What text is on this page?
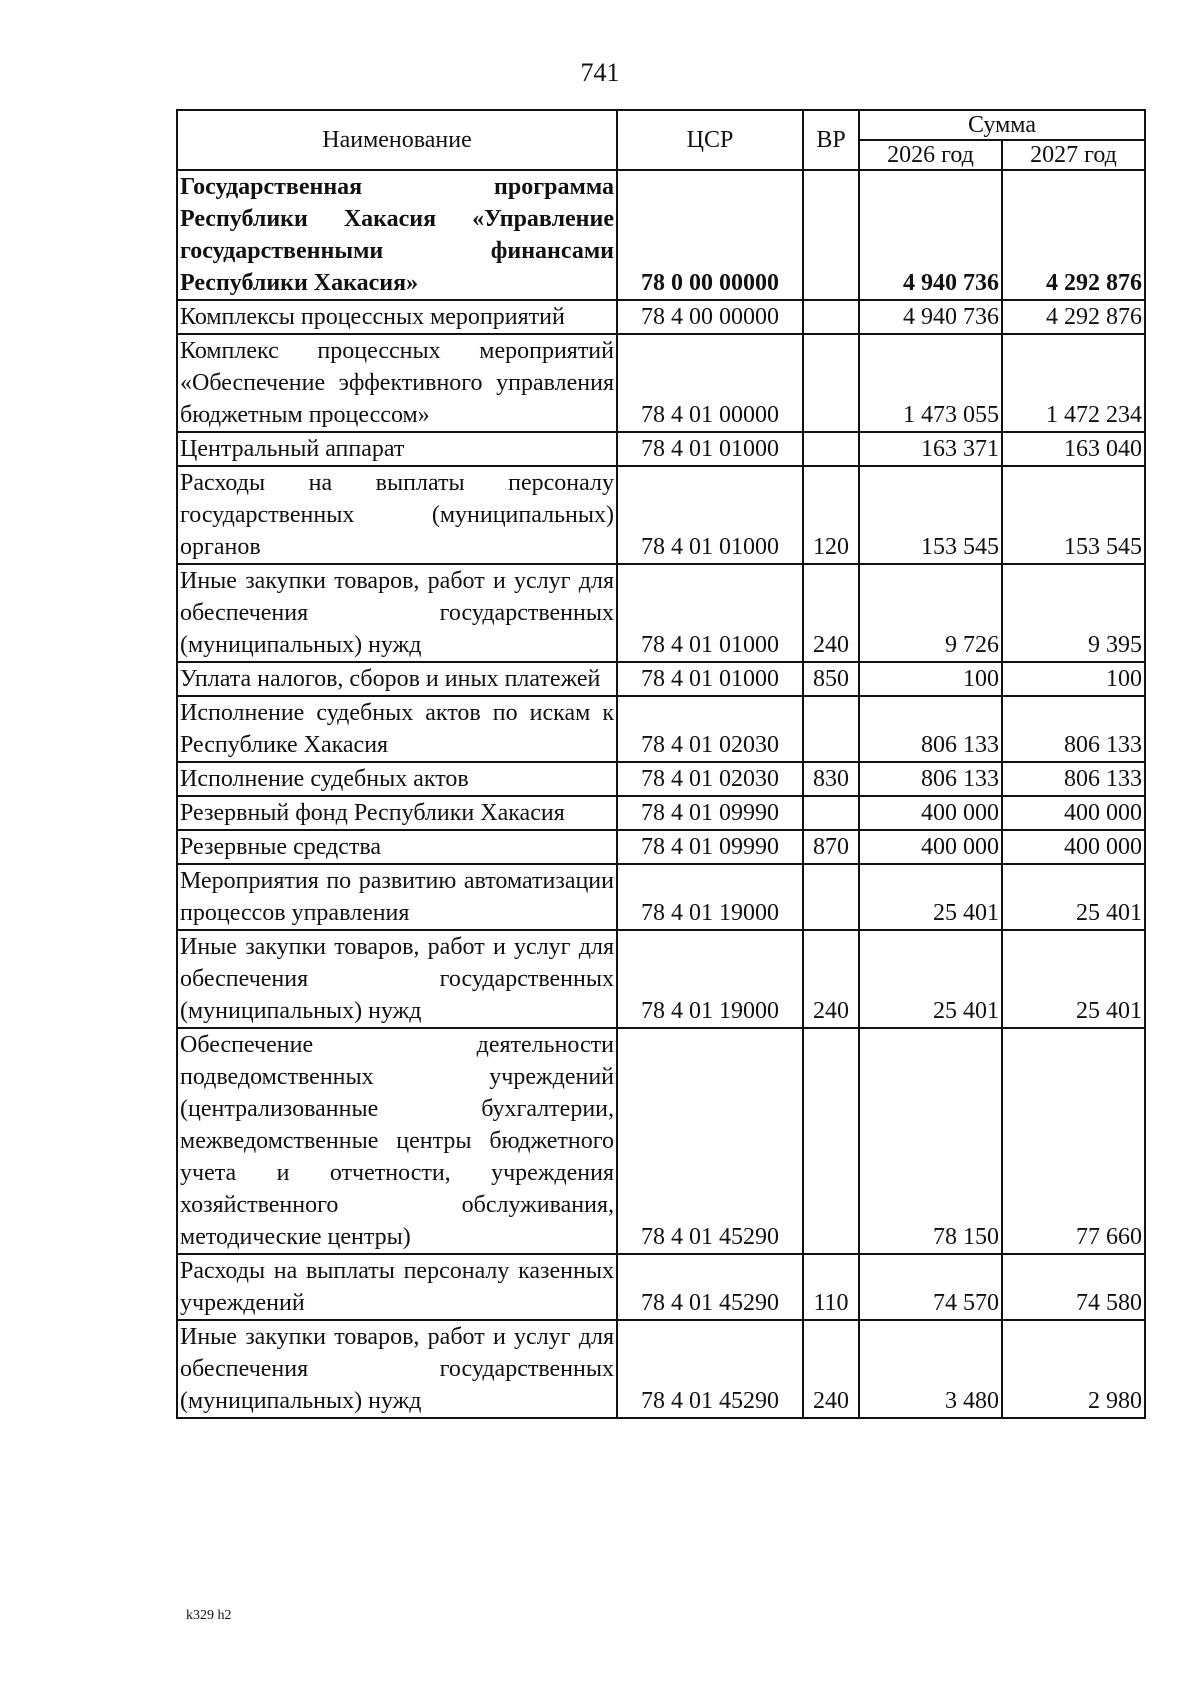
741
Наименование	ЦСР	ВР	Сумма	
			2026 год	2027 год
Государственная программа Республики Хакасия «Управление государственными финансами Республики Хакасия»	78 0 00 00000		4 940 736	4 292 876
Комплексы процессных мероприятий	78 4 00 00000		4 940 736	4 292 876
Комплекс процессных мероприятий «Обеспечение эффективного управления бюджетным процессом»	78 4 01 00000		1 473 055	1 472 234
Центральный аппарат	78 4 01 01000		163 371	163 040
Расходы на выплаты персоналу государственных (муниципальных) органов	78 4 01 01000	120	153 545	153 545
Иные закупки товаров, работ и услуг для обеспечения государственных (муниципальных) нужд	78 4 01 01000	240	9 726	9 395
Уплата налогов, сборов и иных платежей	78 4 01 01000	850	100	100
Исполнение судебных актов по искам к Республике Хакасия	78 4 01 02030		806 133	806 133
Исполнение судебных актов	78 4 01 02030	830	806 133	806 133
Резервный фонд Республики Хакасия	78 4 01 09990		400 000	400 000
Резервные средства	78 4 01 09990	870	400 000	400 000
Мероприятия по развитию автоматизации процессов управления	78 4 01 19000		25 401	25 401
Иные закупки товаров, работ и услуг для обеспечения государственных (муниципальных) нужд	78 4 01 19000	240	25 401	25 401
Обеспечение деятельности подведомственных учреждений (централизованные бухгалтерии, межведомственные центры бюджетного учета и отчетности, учреждения хозяйственного обслуживания, методические центры)	78 4 01 45290		78 150	77 660
Расходы на выплаты персоналу казенных учреждений	78 4 01 45290	110	74 570	74 580
Иные закупки товаров, работ и услуг для обеспечения государственных (муниципальных) нужд	78 4 01 45290	240	3 480	2 980
k329 h2
